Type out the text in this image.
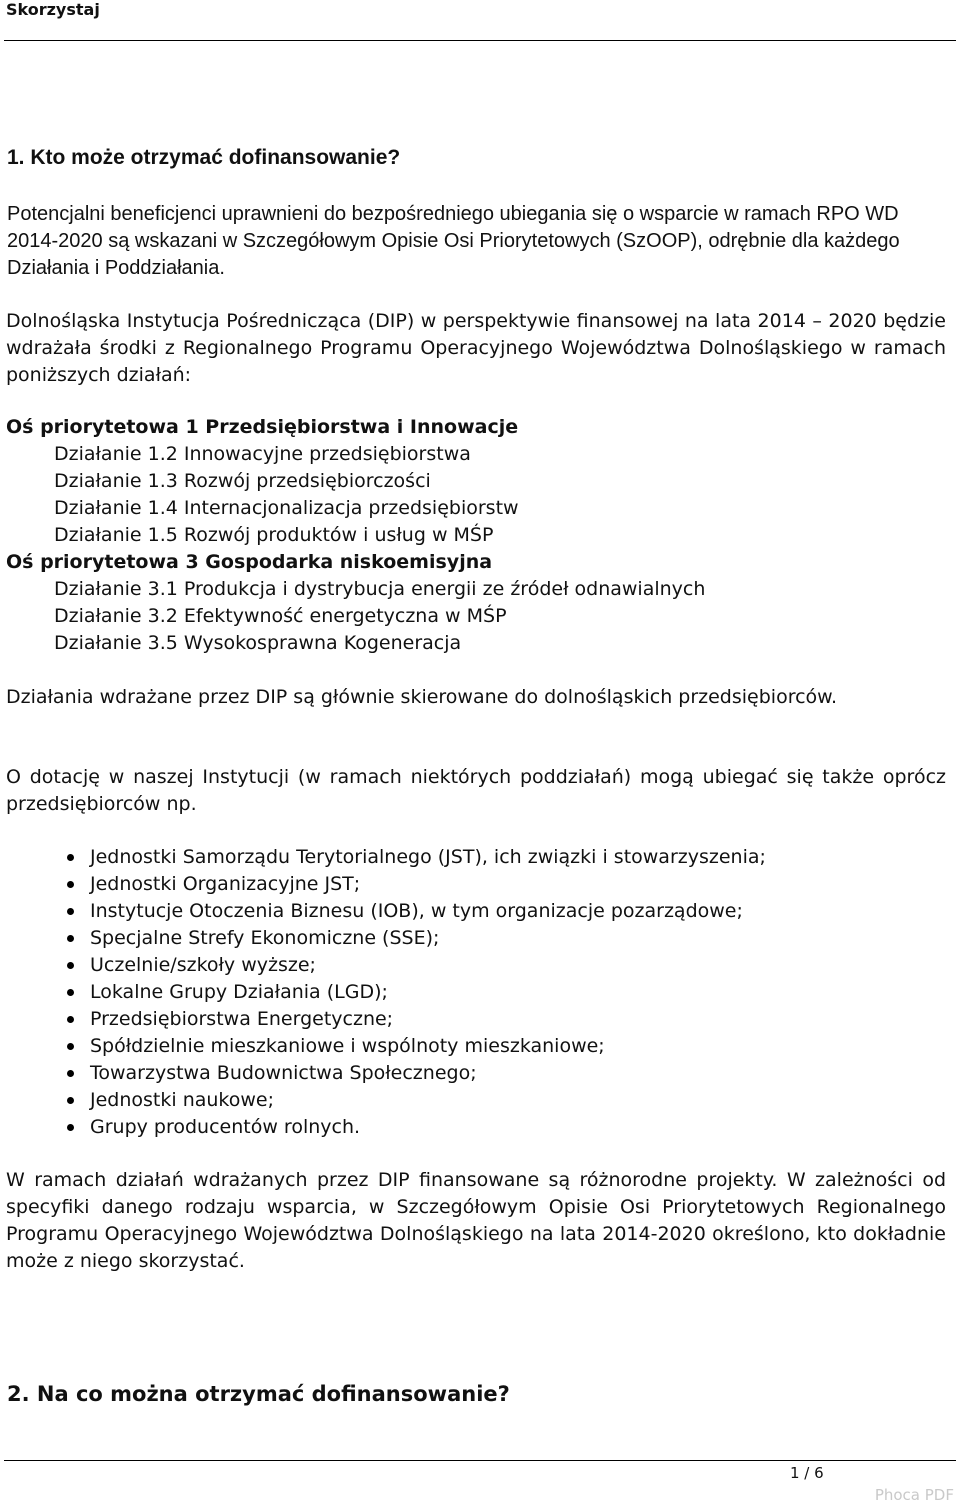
Skorzystaj
1. Kto może otrzymać dofinansowanie?
Potencjalni beneficjenci uprawnieni do bezpośredniego ubiegania się o wsparcie w ramach RPO WD 2014-2020 są wskazani w Szczegółowym Opisie Osi Priorytetowych (SzOOP), odrębnie dla każdego Działania i Poddziałania.
Dolnośląska Instytucja Pośrednicząca (DIP) w perspektywie finansowej na lata 2014 – 2020 będzie wdrażała środki z Regionalnego Programu Operacyjnego Województwa Dolnośląskiego w ramach poniższych działań:
Oś priorytetowa 1 Przedsiębiorstwa i Innowacje
Działanie 1.2 Innowacyjne przedsiębiorstwa
Działanie 1.3 Rozwój przedsiębiorczości
Działanie 1.4 Internacjonalizacja przedsiębiorstw
Działanie 1.5 Rozwój produktów i usług w MŚP
Oś priorytetowa 3 Gospodarka niskoemisyjna
Działanie 3.1 Produkcja i dystrybucja energii ze źródeł odnawialnych
Działanie 3.2 Efektywność energetyczna w MŚP
Działanie 3.5 Wysokosprawna Kogeneracja
Działania wdrażane przez DIP są głównie skierowane do dolnośląskich przedsiębiorców.
O dotację w naszej Instytucji (w ramach niektórych poddziałań) mogą ubiegać się także oprócz przedsiębiorców np.
Jednostki Samorządu Terytorialnego (JST), ich związki i stowarzyszenia;
Jednostki Organizacyjne JST;
Instytucje Otoczenia Biznesu (IOB), w tym organizacje pozarządowe;
Specjalne Strefy Ekonomiczne (SSE);
Uczelnie/szkoły wyższe;
Lokalne Grupy Działania (LGD);
Przedsiębiorstwa Energetyczne;
Spółdzielnie mieszkaniowe i wspólnoty mieszkaniowe;
Towarzystwa Budownictwa Społecznego;
Jednostki naukowe;
Grupy producentów rolnych.
W ramach działań wdrażanych przez DIP finansowane są różnorodne projekty. W zależności od specyfiki danego rodzaju wsparcia, w Szczegółowym Opisie Osi Priorytetowych Regionalnego Programu Operacyjnego Województwa Dolnośląskiego na lata 2014-2020 określono, kto dokładnie może z niego skorzystać.
2. Na co można otrzymać dofinansowanie?
1 / 6
Phoca PDF
